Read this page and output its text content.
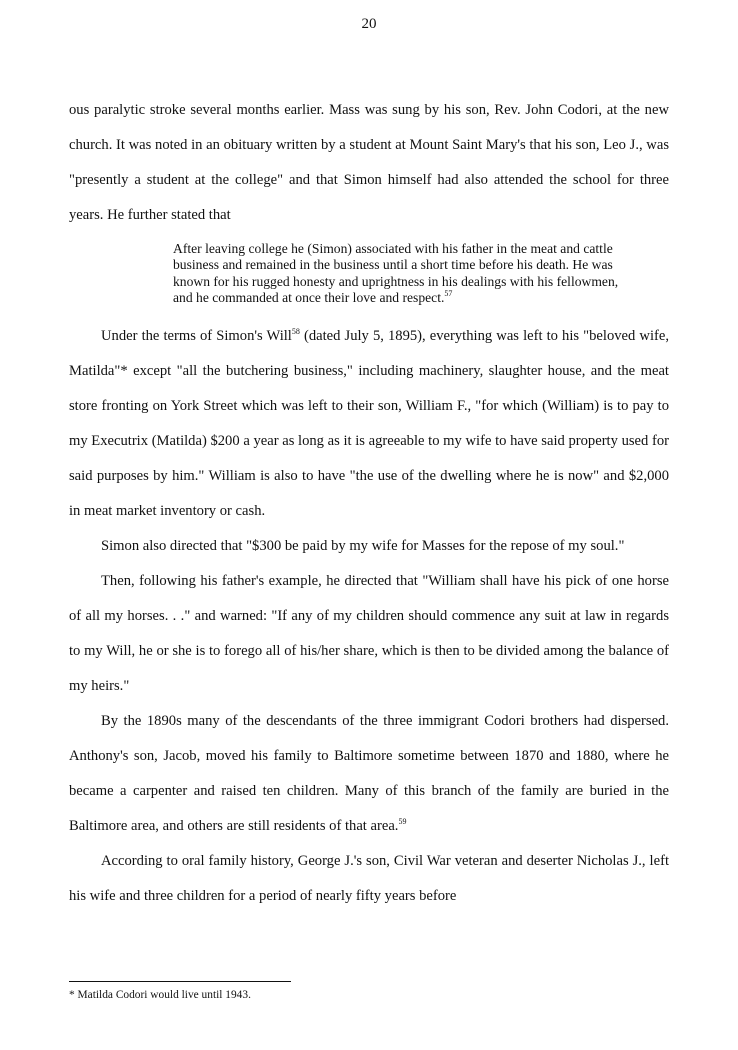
20

ous paralytic stroke several months earlier. Mass was sung by his son, Rev. John Codori, at the new church. It was noted in an obituary written by a student at Mount Saint Mary's that his son, Leo J., was "presently a student at the college" and that Simon himself had also attended the school for three years. He further stated that

After leaving college he (Simon) associated with his father in the meat and cattle business and remained in the business until a short time before his death. He was known for his rugged honesty and uprightness in his dealings with his fellowmen, and he commanded at once their love and respect.$^{57}$

Under the terms of Simon's Will$^{58}$ (dated July 5, 1895), everything was left to his "beloved wife, Matilda"* except "all the butchering business," including machinery, slaughter house, and the meat store fronting on York Street which was left to their son, William F., "for which (William) is to pay to my Executrix (Matilda) $200 a year as long as it is agreeable to my wife to have said property used for said purposes by him." William is also to have "the use of the dwelling where he is now" and $2,000 in meat market inventory or cash.

Simon also directed that "$300 be paid by my wife for Masses for the repose of my soul."

Then, following his father's example, he directed that "William shall have his pick of one horse of all my horses. . ." and warned: "If any of my children should commence any suit at law in regards to my Will, he or she is to forego all of his/her share, which is then to be divided among the balance of my heirs."

By the 1890s many of the descendants of the three immigrant Codori brothers had dispersed. Anthony's son, Jacob, moved his family to Baltimore sometime between 1870 and 1880, where he became a carpenter and raised ten children. Many of this branch of the family are buried in the Baltimore area, and others are still residents of that area.$^{59}$

According to oral family history, George J.'s son, Civil War veteran and deserter Nicholas J., left his wife and three children for a period of nearly fifty years before

* Matilda Codori would live until 1943.
